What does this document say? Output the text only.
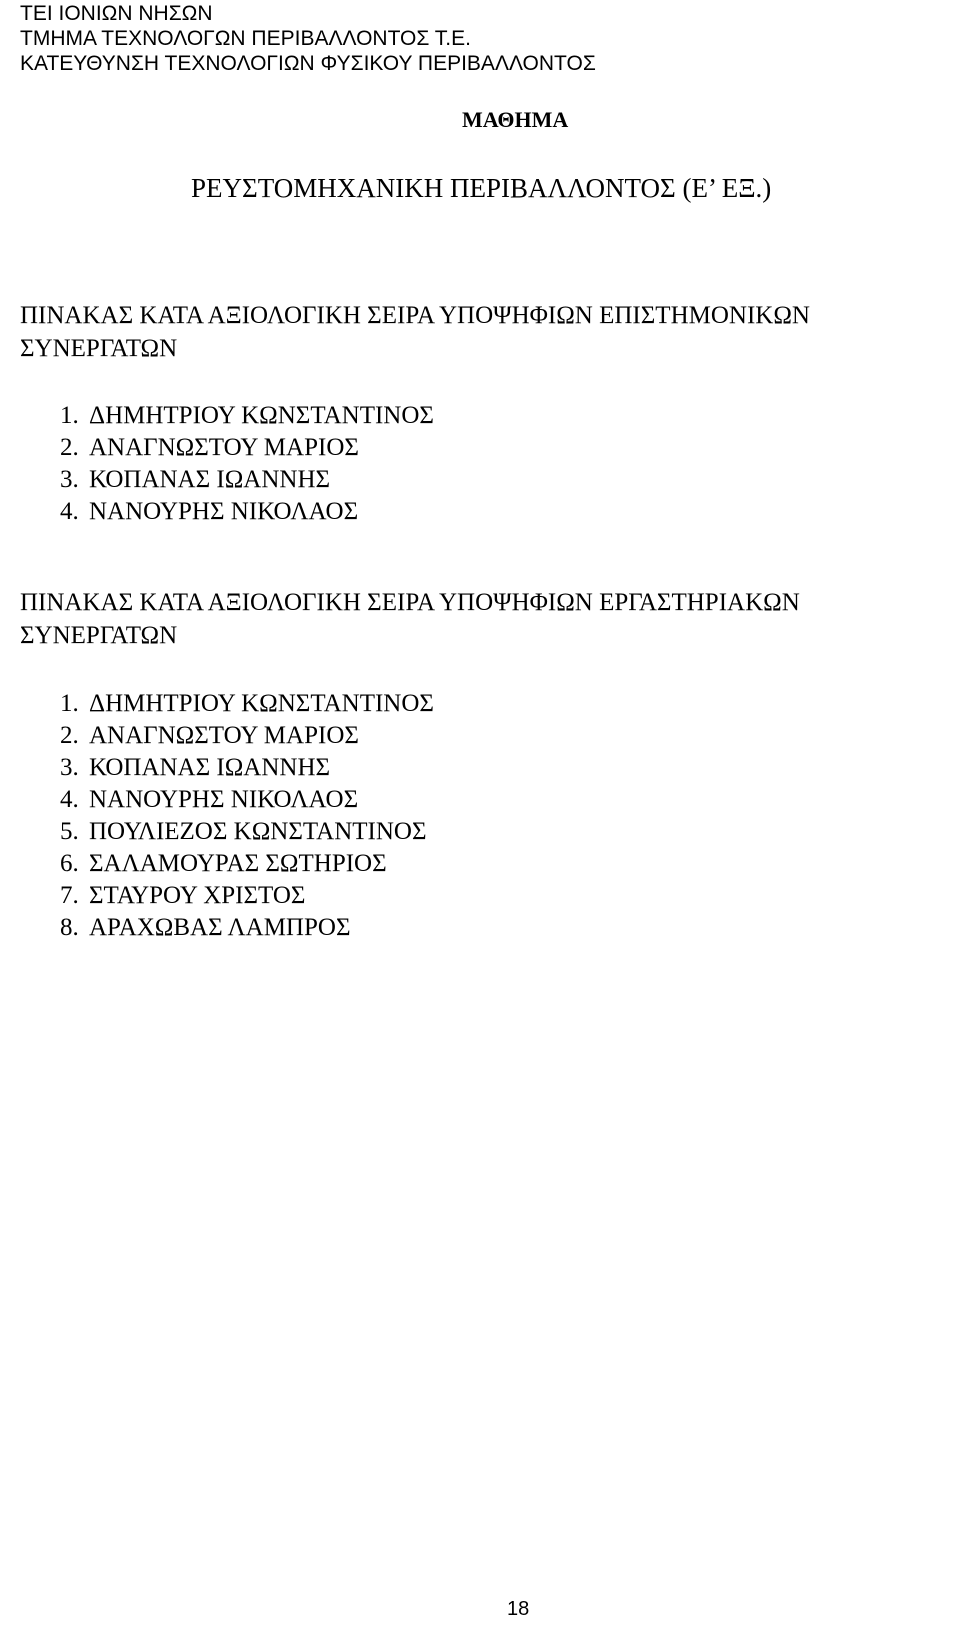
ΤΕΙ ΙΟΝΙΩΝ ΝΗΣΩΝ
ΤΜΗΜΑ ΤΕΧΝΟΛΟΓΩΝ ΠΕΡΙΒΑΛΛΟΝΤΟΣ Τ.Ε.
ΚΑΤΕΥΘΥΝΣΗ ΤΕΧΝΟΛΟΓΙΩΝ ΦΥΣΙΚΟΥ ΠΕΡΙΒΑΛΛΟΝΤΟΣ
ΜΑΘΗΜΑ
ΡΕΥΣΤΟΜΗΧΑΝΙΚΗ ΠΕΡΙΒΑΛΛΟΝΤΟΣ (Ε’ ΕΞ.)
ΠΙΝΑΚΑΣ ΚΑΤΑ ΑΞΙΟΛΟΓΙΚΗ ΣΕΙΡΑ ΥΠΟΨΗΦΙΩΝ ΕΠΙΣΤΗΜΟΝΙΚΩΝ
ΣΥΝΕΡΓΑΤΩΝ
1. ΔΗΜΗΤΡΙΟΥ ΚΩΝΣΤΑΝΤΙΝΟΣ
2. ΑΝΑΓΝΩΣΤΟΥ ΜΑΡΙΟΣ
3. ΚΟΠΑΝΑΣ ΙΩΑΝΝΗΣ
4. ΝΑΝΟΥΡΗΣ ΝΙΚΟΛΑΟΣ
ΠΙΝΑΚΑΣ ΚΑΤΑ ΑΞΙΟΛΟΓΙΚΗ ΣΕΙΡΑ ΥΠΟΨΗΦΙΩΝ ΕΡΓΑΣΤΗΡΙΑΚΩΝ
ΣΥΝΕΡΓΑΤΩΝ
1. ΔΗΜΗΤΡΙΟΥ ΚΩΝΣΤΑΝΤΙΝΟΣ
2. ΑΝΑΓΝΩΣΤΟΥ ΜΑΡΙΟΣ
3. ΚΟΠΑΝΑΣ ΙΩΑΝΝΗΣ
4. ΝΑΝΟΥΡΗΣ ΝΙΚΟΛΑΟΣ
5. ΠΟΥΛΙΕΖΟΣ ΚΩΝΣΤΑΝΤΙΝΟΣ
6. ΣΑΛΑΜΟΥΡΑΣ ΣΩΤΗΡΙΟΣ
7. ΣΤΑΥΡΟΥ ΧΡΙΣΤΟΣ
8. ΑΡΑΧΩΒΑΣ ΛΑΜΠΡΟΣ
18
